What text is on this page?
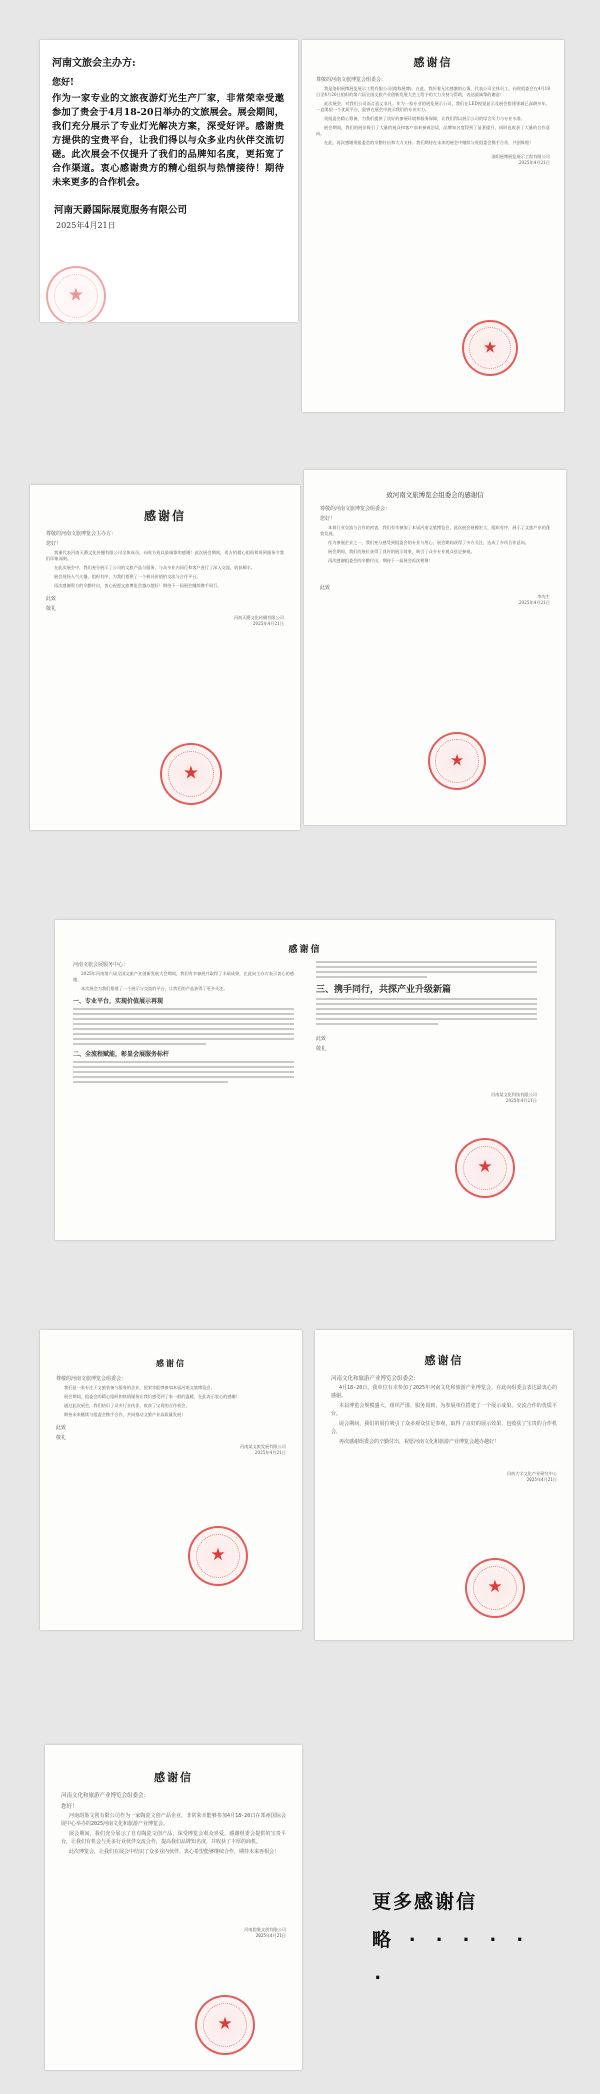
河南文旅会主办方:
您好!
作为一家专业的文旅夜游灯光生产厂家，非常荣幸受邀参加了贵会于4月18-20日举办的文旅展会。展会期间，我们充分展示了专业灯光解决方案，深受好评。感谢贵方提供的宝贵平台，让我们得以与众多业内伙伴交流切磋。此次展会不仅提升了我们的品牌知名度，更拓宽了合作渠道。衷心感谢贵方的精心组织与热情接待！期待未来更多的合作机会。
河南天爵国际展览服务有限公司
2025年4月21日
★
感谢信
尊敬的河南文旅博览会组委会：
我是洛阳展博展览展示工程有限公司(简称展博)。在此，我怀着无比感激的心情，代表公司全体员工，向贵组委会在4月18日至4月20日组织的第六届全国文旅产业创新发展大会上给予的大力支持与帮助，表达最诚挚的谢意！
此次展会，对我们公司而言意义非凡。作为一家专业的展览展示公司，我们在LED视觉显示及展会搭建领域已深耕多年，一直渴望一个优质平台，能够在展会中展示我们的专业实力。
贵组委会精心筹备，为我们提供了良好的参展环境和服务保障，让我们得以展示公司的综合实力与专业水准。
展会期间，我们的展位吸引了大量的观众和客户前来参观洽谈，品牌知名度得到了显著提升，同时也收获了大量的合作意向。
在此，再次感谢贵组委会的辛勤付出和大力支持。我们期待在未来的展会中继续与贵组委会携手合作，共创辉煌！
洛阳展博展览展示工程有限公司
2025年4月21日
★
感谢信
尊敬的河南文旅博览会主办方：
您好！
我谨代表河南天爵文化传播有限公司全体成员，向贵方致以最诚挚的感谢！此次展会期间，贵方的精心组织和周到服务令我们印象深刻。
在此次展会中，我们充分展示了公司的文旅产品与服务，与众多业内同行和客户进行了深入交流，收获颇丰。
展会现场人气火爆，组织有序，为我们搭建了一个极具价值的交流与合作平台。
再次感谢贵方的辛勤付出，衷心祝愿文旅博览会越办越好！期待下一届展会继续携手同行。
此致
敬礼
河南天爵文化传播有限公司
2025年4月21日
★
致河南文旅博览会组委会的感谢信
尊敬的河南文旅博览会组委会：
您好！
本着行业交流与合作的初衷，我们有幸参加了本届河南文旅博览会，此次展会规模宏大、组织有序，展示了文旅产业的蓬勃发展。
作为参展企业之一，我们充分感受到组委会的专业与用心，展会期间获得了多方关注，达成了多项合作意向。
展会期间，我们的展位获得了良好的展示效果，吸引了众多专业观众驻足参观。
再次感谢组委会的辛勤付出，期待下一届展会再次相聚！
此致
李先生
2025年4月21日
★
感谢信
河南文旅会展服务中心：
2025年河南第六届全国文旅产业创新发展大会期间，我们有幸参展并取得了丰硕成果，在此向主办方表示衷心的感谢。
本次展会为我们搭建了一个展示与交流的平台，让我们的产品获得了更多关注。
一、专业平台，实现价值展示再现
二、全流程赋能，彰显会展服务标杆
三、携手同行，共探产业升级新篇
此致
敬礼
河南某文化科技有限公司
2025年4月21日
★
感谢信
尊敬的河南文旅博览会组委会：
我们是一家专注于文旅装备与服务的企业，很荣幸能够参加本届河南文旅博览会。
展会期间，组委会的精心组织和热情服务让我们感受到了家一般的温暖，在此表示衷心的感谢！
通过此次展会，我们结识了众多行业伙伴，收获了宝贵的合作机会。
期待未来继续与组委会携手合作，共同推动文旅产业高质量发展！
此致
敬礼
河南某文旅发展有限公司
2025年4月21日
★
感谢信
河南文化和旅游产业博览会组委会：
4月18-20日，我单位有幸参加了2025年河南文化和旅游产业博览会，在此向组委会表达最衷心的感谢。
本届博览会规模盛大、组织严谨、服务周到，为参展单位搭建了一个展示成果、交流合作的优质平台。
展会期间，我们的展位吸引了众多观众驻足参观，取得了良好的展示效果，也收获了宝贵的合作机会。
再次感谢组委会的辛勤付出，祝愿河南文化和旅游产业博览会越办越好！
河南大学文化产业研究中心
2025年4月21日
★
感谢信
河南文化和旅游产业博览会组委会：
您好！
河南韵鉴文创有限公司作为一家陶瓷文创产品企业，非常荣幸能够参加4月18-20日在郑州国际会展中心举办的2025河南文化和旅游产业博览会。
展会期间，我们充分展示了自有陶瓷文创产品，深受博览会观众喜爱，感谢组委会提供的宝贵平台，让我们有机会与更多行业伙伴交流合作，提高我们品牌知名度，并收获了丰厚的商机。
此次博览会，让我们在展会中结识了众多业内伙伴。衷心希望能够继续合作，期待未来再相会！
河南韵鉴文创有限公司
2025年4月21日
★
更多感谢信
略 · · · · · ·
